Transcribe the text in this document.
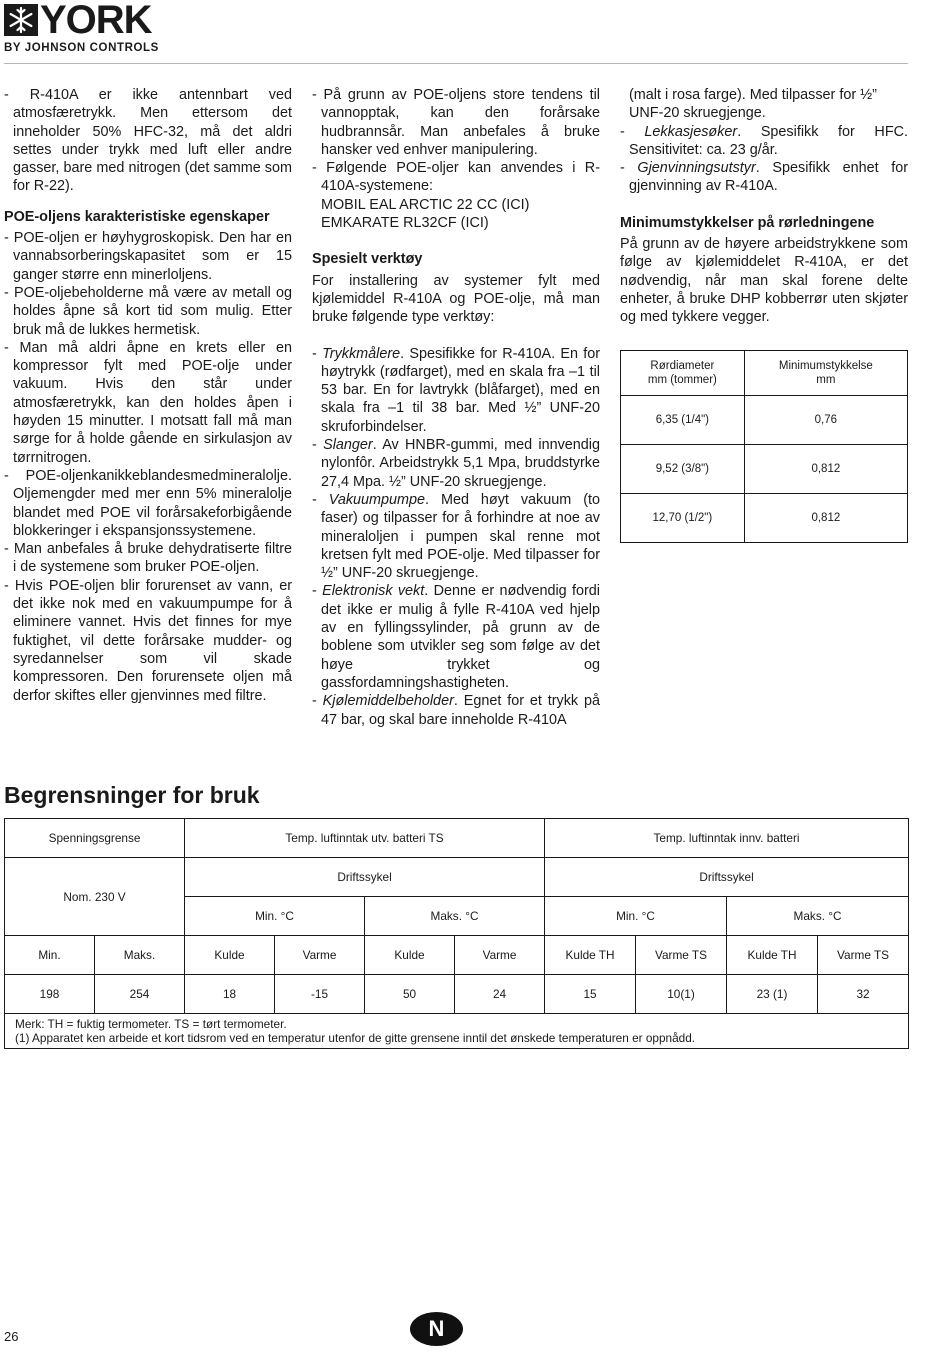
YORK
BY JOHNSON CONTROLS

- R-410A er ikke antennbart ved atmosfæretrykk. Men ettersom det inneholder 50% HFC-32, må det aldri settes under trykk med luft eller andre gasser, bare med nitrogen (det samme som for R-22).

POE-oljens karakteristiske egenskaper

- POE-oljen er høyhygroskopisk. Den har en vannabsorberingskapasitet som er 15 ganger større enn minerloljens.

- POE-oljebeholderne må være av metall og holdes åpne så kort tid som mulig. Etter bruk må de lukkes hermetisk.

- Man må aldri åpne en krets eller en kompressor fylt med POE-olje under vakuum. Hvis den står under atmosfæretrykk, kan den holdes åpen i høyden 15 minutter. I motsatt fall må man sørge for å holde gående en sirkulasjon av tørrnitrogen.

- POE-oljenkanikkeblandesmedmineralolje. Oljemengder med mer enn 5% mineralolje blandet med POE vil forårsakeforbigående blokkeringer i ekspansjonssystemene.

- Man anbefales å bruke dehydratiserte filtre i de systemene som bruker POE-oljen.

- Hvis POE-oljen blir forurenset av vann, er det ikke nok med en vakuumpumpe for å eliminere vannet. Hvis det finnes for mye fuktighet, vil dette forårsake mudder- og syredannelser som vil skade kompressoren. Den forurensete oljen må derfor skiftes eller gjenvinnes med filtre.

- På grunn av POE-oljens store tendens til vannopptak, kan den forårsake hudbrannsår. Man anbefales å bruke hansker ved enhver manipulering.

- Følgende POE-oljer kan anvendes i R-410A-systemene:

MOBIL EAL ARCTIC 22 CC (ICI)

EMKARATE RL32CF (ICI)

Spesielt verktøy

For installering av systemer fylt med kjølemiddel R-410A og POE-olje, må man bruke følgende type verktøy:

- Trykkmålere. Spesifikke for R-410A. En for høytrykk (rødfarget), med en skala fra –1 til 53 bar. En for lavtrykk (blåfarget), med en skala fra –1 til 38 bar. Med ½” UNF-20 skruforbindelser.

- Slanger. Av HNBR-gummi, med innvendig nylonfôr. Arbeidstrykk 5,1 Mpa, bruddstyrke 27,4 Mpa. ½” UNF-20 skruegjenge.

- Vakuumpumpe. Med høyt vakuum (to faser) og tilpasser for å forhindre at noe av mineraloljen i pumpen skal renne mot kretsen fylt med POE-olje. Med tilpasser for ½” UNF-20 skruegjenge.

- Elektronisk vekt. Denne er nødvendig fordi det ikke er mulig å fylle R-410A ved hjelp av en fyllingssylinder, på grunn av de boblene som utvikler seg som følge av det høye trykket og gassfordamningshastigheten.

- Kjølemiddelbeholder. Egnet for et trykk på 47 bar, og skal bare inneholde R-410A

(malt i rosa farge). Med tilpasser for ½” UNF-20 skruegjenge.

- Lekkasjesøker. Spesifikk for HFC. Sensitivitet: ca. 23 g/år.

- Gjenvinningsutstyr. Spesifikk enhet for gjenvinning av R-410A.

Minimumstykkelser på rørledningene

På grunn av de høyere arbeidstrykkene som følge av kjølemiddelet R-410A, er det nødvendig, når man skal forene delte enheter, å bruke DHP kobberrør uten skjøter og med tykkere vegger.

Rørdiameter
mm (tommer)	Minimumstykkelse
mm
6,35 (1/4")	0,76
9,52 (3/8")	0,812
12,70 (1/2")	0,812
Begrensninger for bruk
Spenningsgrense		Temp. luftinntak utv. batteri TS				Temp. luftinntak innv. batteri			
Nom. 230 V		Driftssykel				Driftssykel			
		Min. °C		Maks. °C		Min. °C		Maks. °C	
Min.	Maks.	Kulde	Varme	Kulde	Varme	Kulde TH	Varme TS	Kulde TH	Varme TS
198	254	18	-15	50	24	15	10(1)	23 (1)	32

Merk: TH = fuktig termometer. TS = tørt termometer.
(1) Apparatet ken arbeide et kort tidsrom ved en temperatur utenfor de gitte grensene inntil det ønskede temperaturen er oppnådd.									
26	N
